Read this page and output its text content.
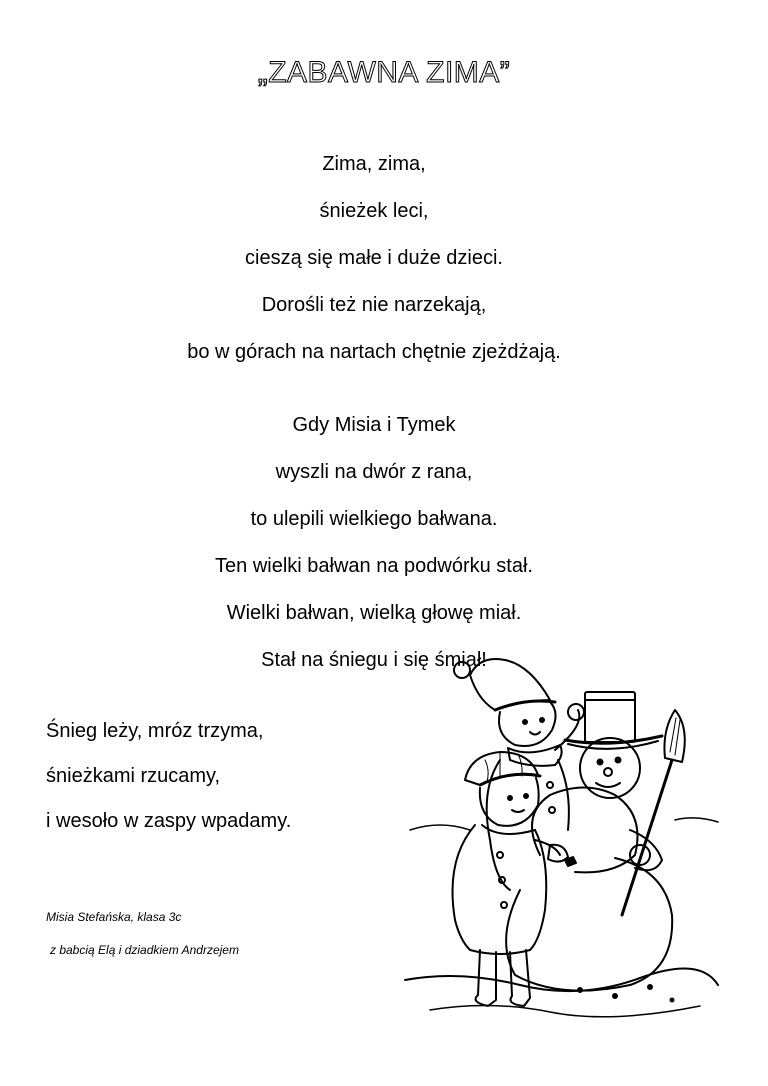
„ZABAWNA ZIMA”
Zima, zima,
śnieżek leci,
cieszą się małe i duże dzieci.
Dorośli też nie narzekają,
bo w górach na nartach chętnie zjeżdżają.
Gdy Misia i Tymek
wyszli na dwór z rana,
to ulepili wielkiego bałwana.
Ten wielki bałwan na podwórku stał.
Wielki bałwan, wielką głowę miał.
Stał na śniegu i się śmiał!
Śnieg leży, mróz trzyma,
śnieżkami rzucamy,
i wesoło w zaspy wpadamy.
Misia Stefańska, klasa 3c
z babcią Elą i dziadkiem Andrzejem
